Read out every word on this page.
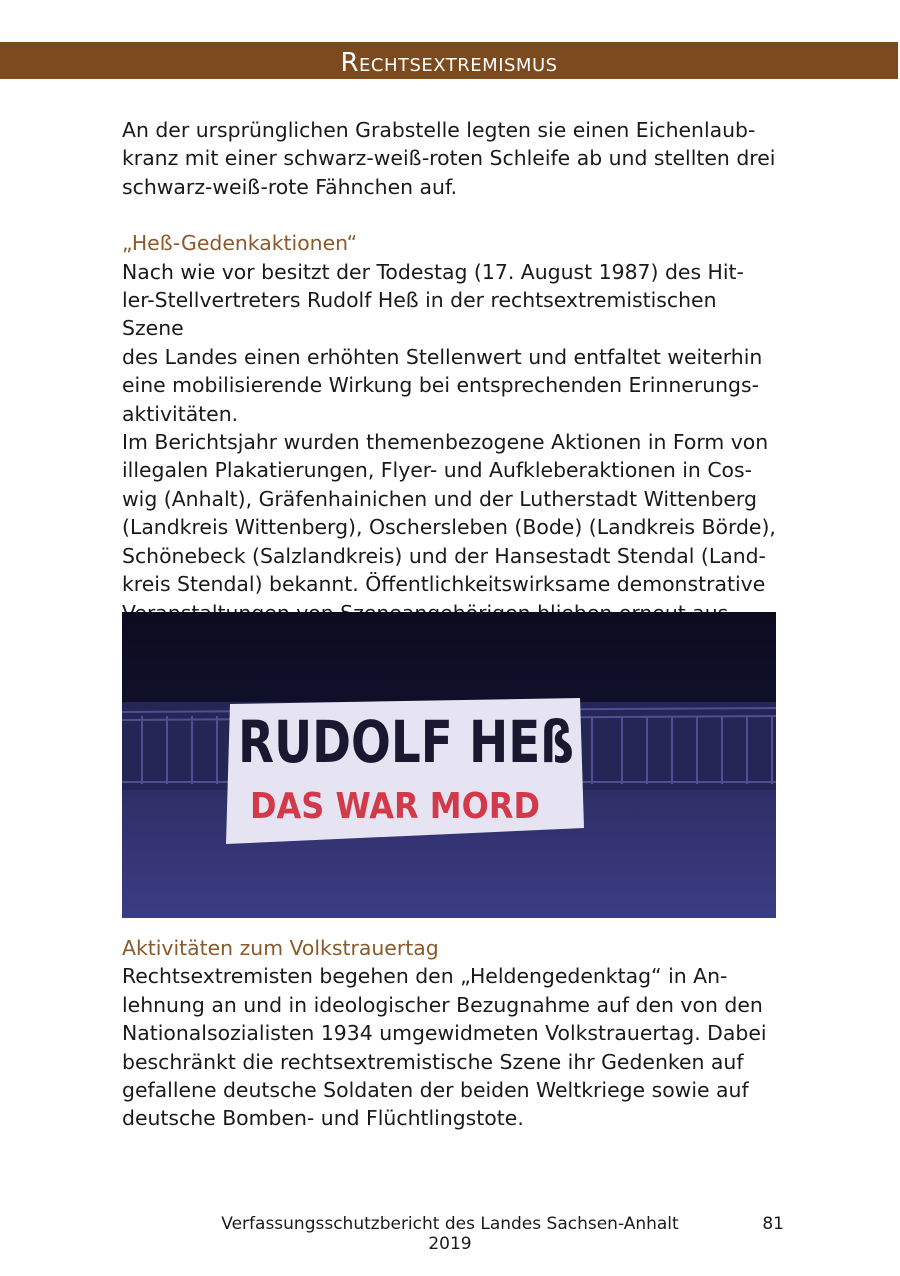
Rechtsextremismus

An der ursprünglichen Grabstelle legten sie einen Eichenlaub-

kranz mit einer schwarz-weiß-roten Schleife ab und stellten drei

schwarz-weiß-rote Fähnchen auf.

„Heß-Gedenkaktionen“

Nach wie vor besitzt der Todestag (17. August 1987) des Hit-

ler-Stellvertreters Rudolf Heß in der rechtsextremistischen Szene

des Landes einen erhöhten Stellenwert und entfaltet weiterhin

eine mobilisierende Wirkung bei entsprechenden Erinnerungs-

aktivitäten.

Im Berichtsjahr wurden themenbezogene Aktionen in Form von

illegalen Plakatierungen, Flyer- und Aufkleberaktionen in Cos-

wig (Anhalt), Gräfenhainichen und der Lutherstadt Wittenberg

(Landkreis Wittenberg), Oschersleben (Bode) (Landkreis Börde),

Schönebeck (Salzlandkreis) und der Hansestadt Stendal (Land-

kreis Stendal) bekannt. Öffentlichkeitswirksame demonstrative

RUDOLF HEß
DAS WAR MORD

Aktivitäten zum Volkstrauertag

Rechtsextremisten begehen den „Heldengedenktag“ in An-

lehnung an und in ideologischer Bezugnahme auf den von den

Nationalsozialisten 1934 umgewidmeten Volkstrauertag. Dabei

beschränkt die rechtsextremistische Szene ihr Gedenken auf

gefallene deutsche Soldaten der beiden Weltkriege sowie auf

deutsche Bomben- und Flüchtlingstote.

Verfassungsschutzbericht des Landes Sachsen-Anhalt 2019
81
